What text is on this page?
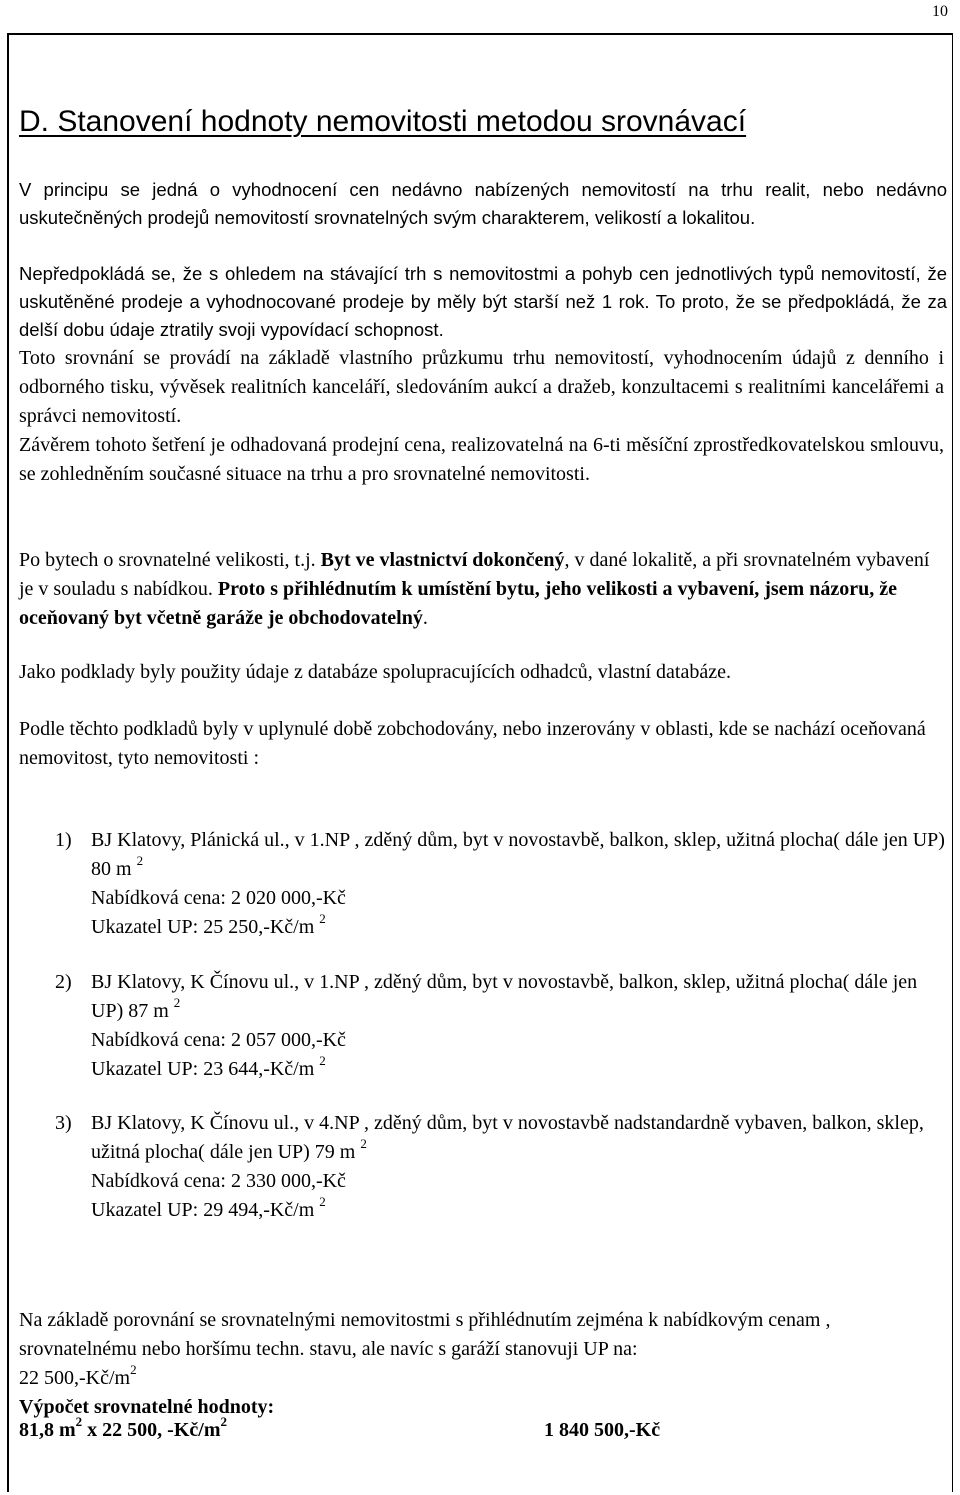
10
D. Stanovení hodnoty nemovitosti metodou srovnávací

V principu se jedná o vyhodnocení cen nedávno nabízených nemovitostí na trhu realit, nebo nedávno uskutečněných prodejů nemovitostí srovnatelných svým charakterem, velikostí a lokalitou.

Nepředpokládá se, že s ohledem na stávající trh s nemovitostmi a pohyb cen jednotlivých typů nemovitostí, že uskutěněné prodeje a vyhodnocované prodeje by měly být starší než 1 rok. To proto, že se předpokládá, že za delší dobu údaje ztratily svoji vypovídací schopnost.

Toto srovnání se provádí na základě vlastního průzkumu trhu nemovitostí, vyhodnocením údajů z denního i odborného tisku, vývěsek realitních kanceláří, sledováním aukcí a dražeb, konzultacemi s realitními kancelářemi a správci nemovitostí.

Závěrem tohoto šetření je odhadovaná prodejní cena, realizovatelná na 6-ti měsíční zprostředkovatelskou smlouvu, se zohledněním současné situace na trhu a pro srovnatelné nemovitosti.

Po bytech o srovnatelné velikosti, t.j. Byt ve vlastnictví dokončený, v dané lokalitě, a při srovnatelném vybavení je v souladu s nabídkou. Proto s přihlédnutím k umístění bytu, jeho velikosti a vybavení, jsem názoru, že oceňovaný byt včetně garáže je obchodovatelný.

Jako podklady byly použity údaje z databáze spolupracujících odhadců, vlastní databáze.

Podle těchto podkladů byly v uplynulé době zobchodovány, nebo inzerovány v oblasti, kde se nachází oceňovaná nemovitost, tyto nemovitosti :

1) BJ Klatovy, Plánická ul., v 1.NP , zděný dům, byt v novostavbě, balkon, sklep, užitná plocha( dále jen UP) 80 m $^2$
Nabídková cena: 2 020 000,-Kč
Ukazatel UP: 25 250,-Kč/m $^2$
2) BJ Klatovy, K Čínovu ul., v 1.NP , zděný dům, byt v novostavbě, balkon, sklep, užitná plocha( dále jen UP) 87 m $^2$
Nabídková cena: 2 057 000,-Kč
Ukazatel UP: 23 644,-Kč/m $^2$
3) BJ Klatovy, K Čínovu ul., v 4.NP , zděný dům, byt v novostavbě nadstandardně vybaven, balkon, sklep, užitná plocha( dále jen UP) 79 m $^2$
Nabídková cena: 2 330 000,-Kč
Ukazatel UP: 29 494,-Kč/m $^2$

Na základě porovnání se srovnatelnými nemovitostmi s přihlédnutím zejména k nabídkovým cenam , srovnatelnému nebo horšímu techn. stavu, ale navíc s garáží stanovuji UP na:

22 $500,-Kč/m^2$

Výpočet srovnatelné hodnoty:

81,8 $m^2$ x 22 500, $-Kč/m^2$	1 840 500,-Kč
